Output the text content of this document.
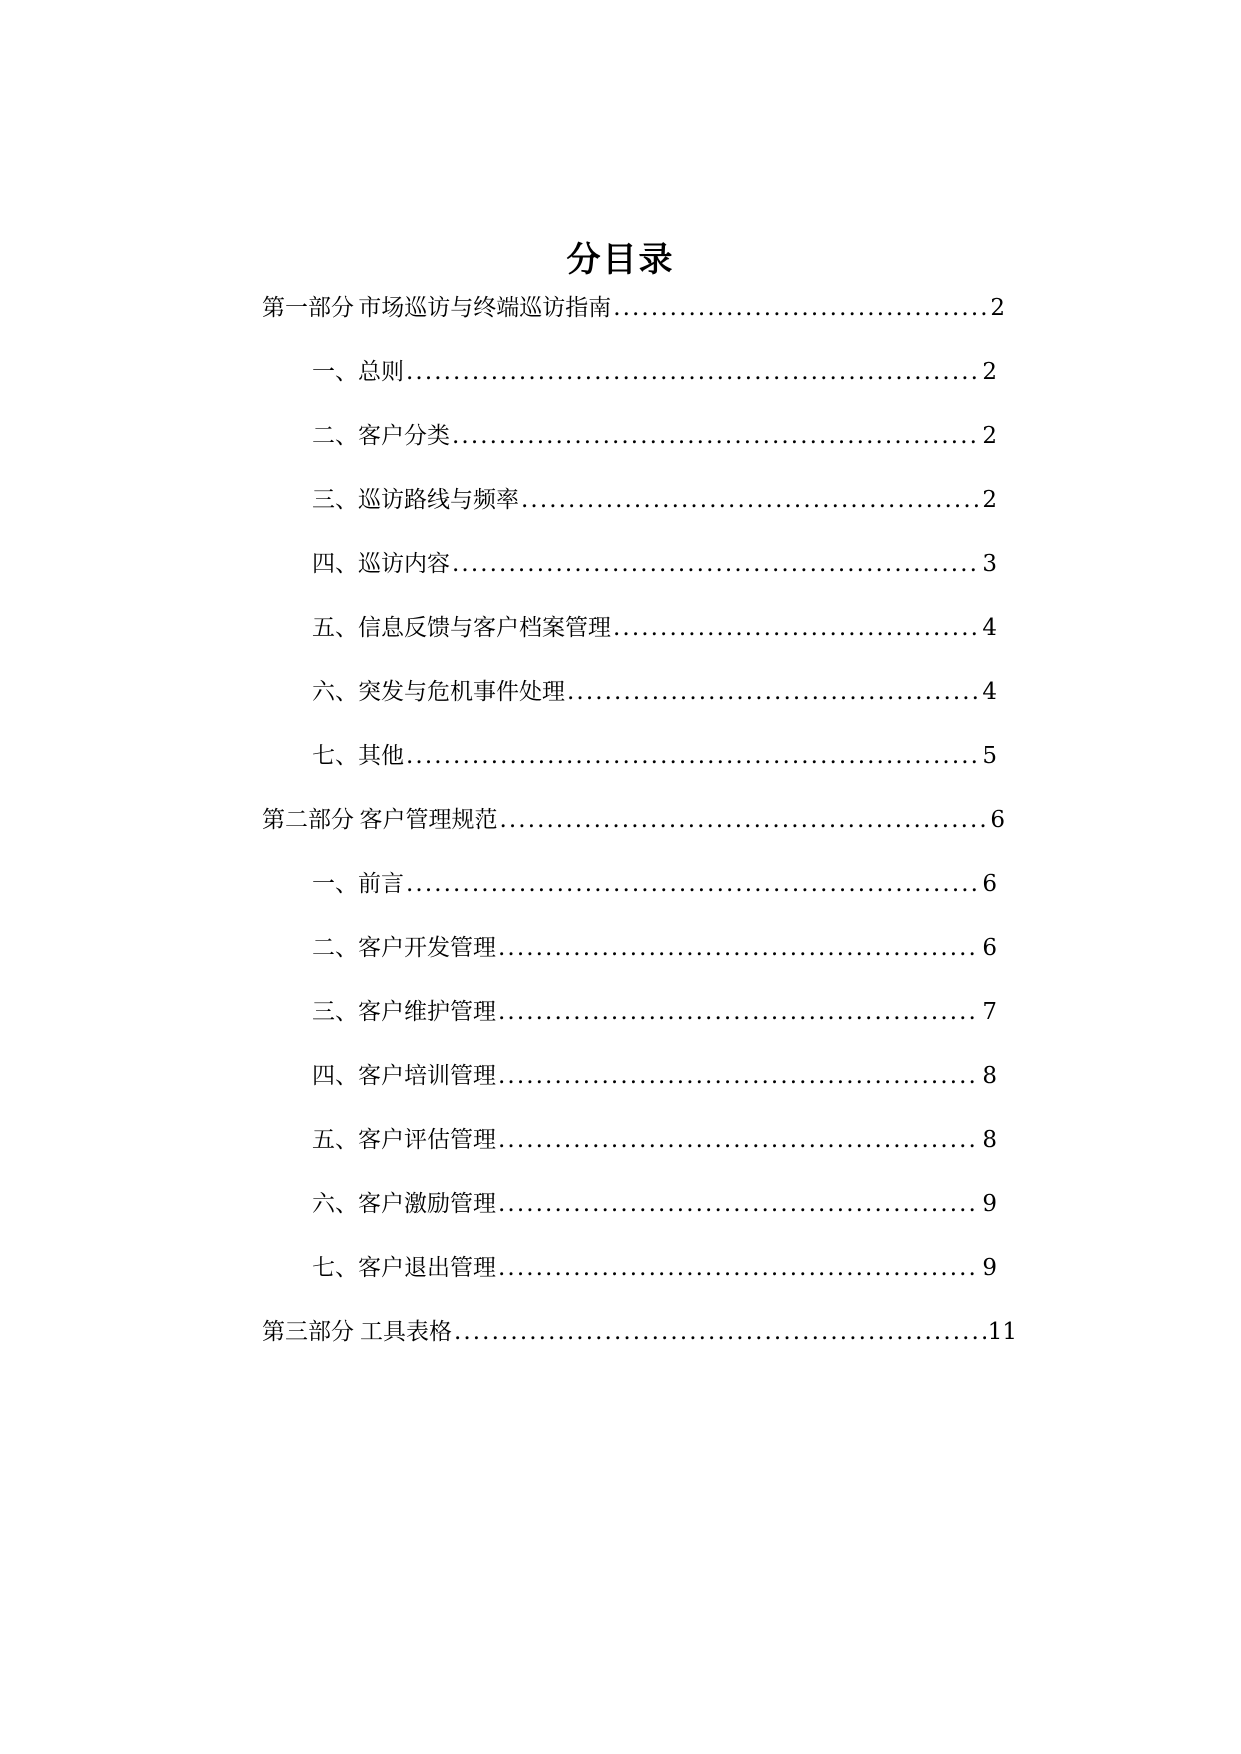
分目录
第一部分 市场巡访与终端巡访指南 .....	2
一、总则 .....	2
二、客户分类 .....	2
三、巡访路线与频率 .....	2
四、巡访内容 .....	3
五、信息反馈与客户档案管理 .....	4
六、突发与危机事件处理 .....	4
七、其他 .....	5
第二部分 客户管理规范 .....	6
一、前言 .....	6
二、客户开发管理 .....	6
三、客户维护管理 .....	7
四、客户培训管理 .....	8
五、客户评估管理 .....	8
六、客户激励管理 .....	9
七、客户退出管理 .....	9
第三部分 工具表格 .....	11
